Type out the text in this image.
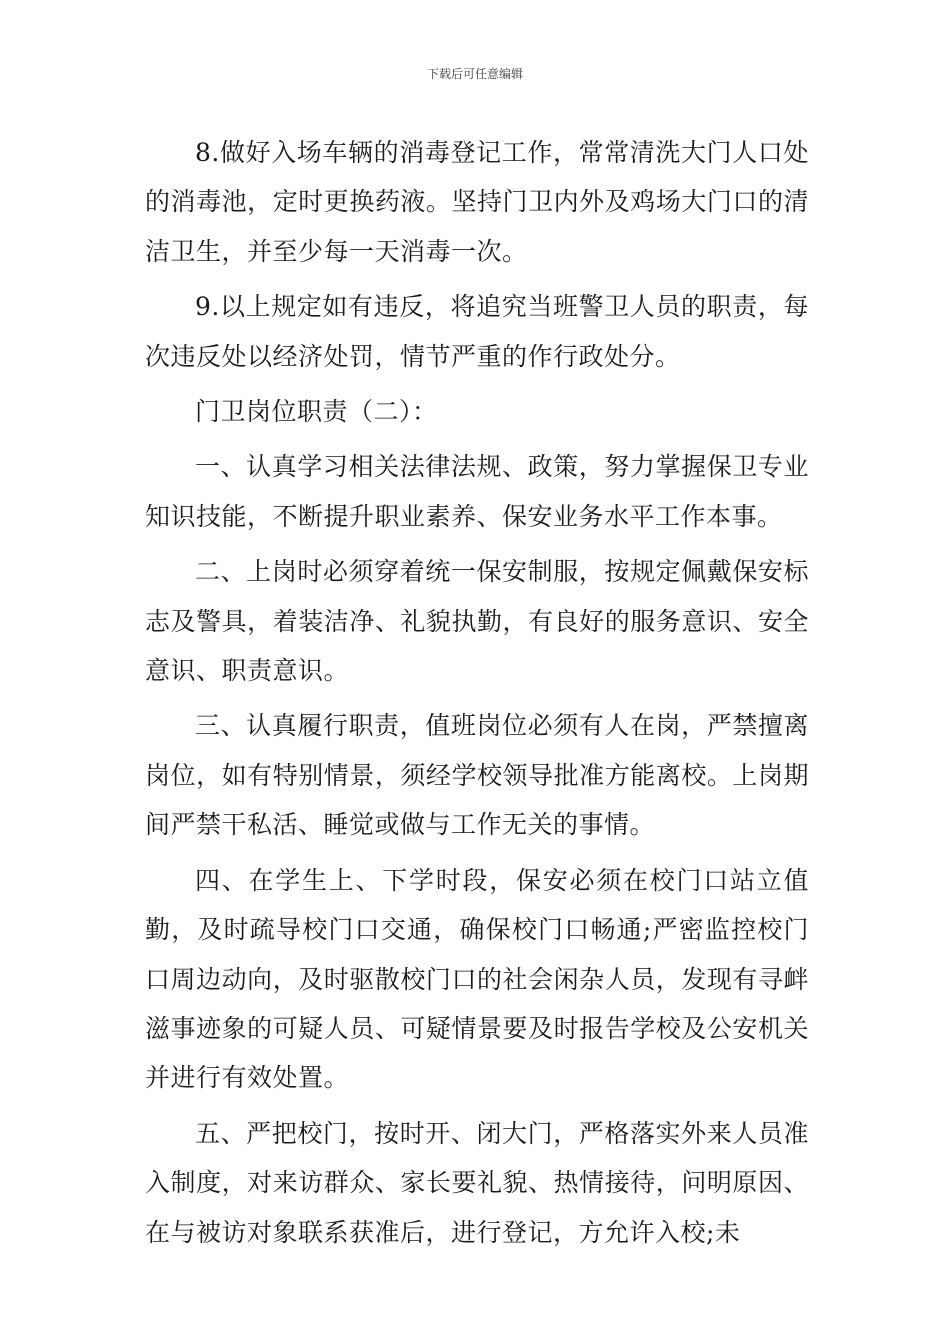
下载后可任意编辑

8.做好入场车辆的消毒登记工作，常常清洗大门人口处的消毒池，定时更换药液。坚持门卫内外及鸡场大门口的清洁卫生，并至少每一天消毒一次。

9.以上规定如有违反，将追究当班警卫人员的职责，每次违反处以经济处罚，情节严重的作行政处分。

门卫岗位职责（二）：

一、认真学习相关法律法规、政策，努力掌握保卫专业知识技能，不断提升职业素养、保安业务水平工作本事。

二、上岗时必须穿着统一保安制服，按规定佩戴保安标志及警具，着装洁净、礼貌执勤，有良好的服务意识、安全意识、职责意识。

三、认真履行职责，值班岗位必须有人在岗，严禁擅离岗位，如有特别情景，须经学校领导批准方能离校。上岗期间严禁干私活、睡觉或做与工作无关的事情。

四、在学生上、下学时段，保安必须在校门口站立值勤，及时疏导校门口交通，确保校门口畅通;严密监控校门口周边动向，及时驱散校门口的社会闲杂人员，发现有寻衅滋事迹象的可疑人员、可疑情景要及时报告学校及公安机关并进行有效处置。

五、严把校门，按时开、闭大门，严格落实外来人员准入制度，对来访群众、家长要礼貌、热情接待，问明原因、在与被访对象联系获准后，进行登记，方允许入校;未
